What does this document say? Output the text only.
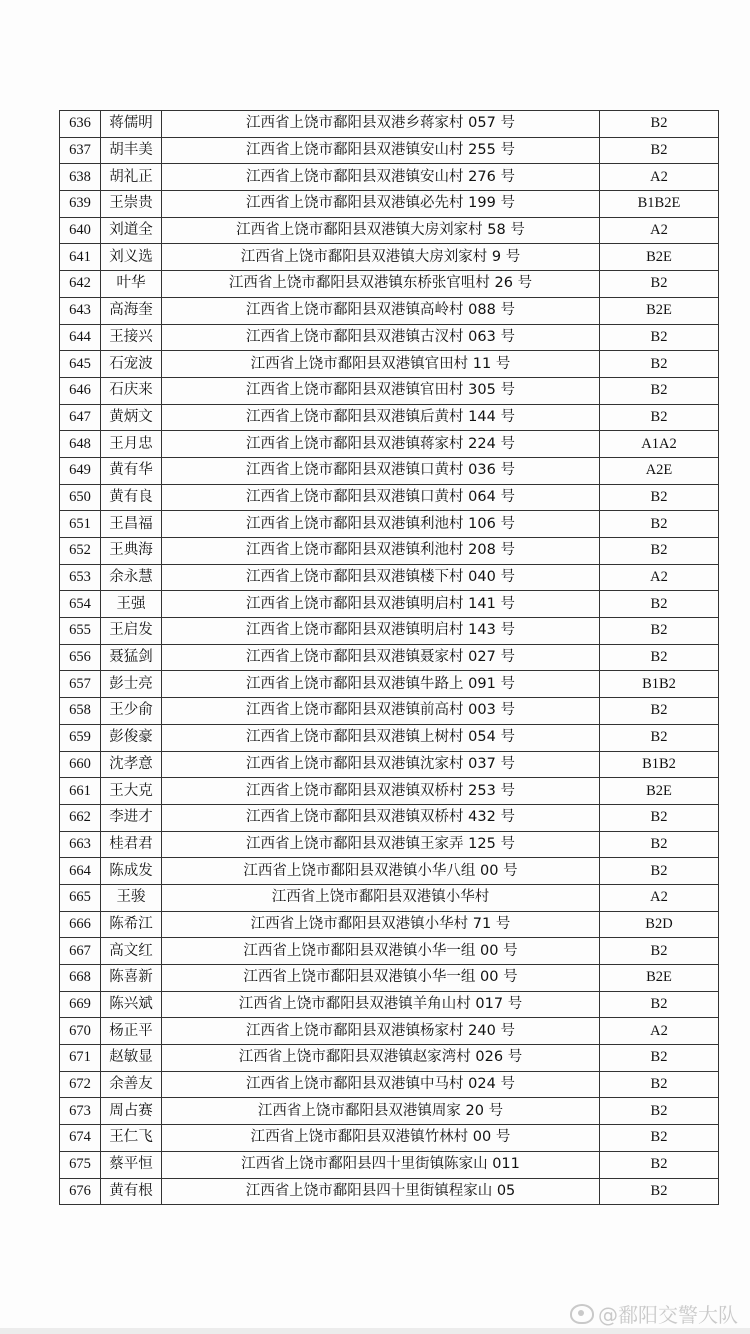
636	蒋儒明	江西省上饶市鄱阳县双港乡蒋家村 057 号	B2
637	胡丰美	江西省上饶市鄱阳县双港镇安山村 255 号	B2
638	胡礼正	江西省上饶市鄱阳县双港镇安山村 276 号	A2
639	王崇贵	江西省上饶市鄱阳县双港镇必先村 199 号	B1B2E
640	刘道全	江西省上饶市鄱阳县双港镇大房刘家村 58 号	A2
641	刘义选	江西省上饶市鄱阳县双港镇大房刘家村 9 号	B2E
642	叶华	江西省上饶市鄱阳县双港镇东桥张官咀村 26 号	B2
643	高海奎	江西省上饶市鄱阳县双港镇高岭村 088 号	B2E
644	王接兴	江西省上饶市鄱阳县双港镇古汊村 063 号	B2
645	石宠波	江西省上饶市鄱阳县双港镇官田村 11 号	B2
646	石庆来	江西省上饶市鄱阳县双港镇官田村 305 号	B2
647	黄炳文	江西省上饶市鄱阳县双港镇后黄村 144 号	B2
648	王月忠	江西省上饶市鄱阳县双港镇蒋家村 224 号	A1A2
649	黄有华	江西省上饶市鄱阳县双港镇口黄村 036 号	A2E
650	黄有良	江西省上饶市鄱阳县双港镇口黄村 064 号	B2
651	王昌福	江西省上饶市鄱阳县双港镇利池村 106 号	B2
652	王典海	江西省上饶市鄱阳县双港镇利池村 208 号	B2
653	余永慧	江西省上饶市鄱阳县双港镇楼下村 040 号	A2
654	王强	江西省上饶市鄱阳县双港镇明启村 141 号	B2
655	王启发	江西省上饶市鄱阳县双港镇明启村 143 号	B2
656	聂猛剑	江西省上饶市鄱阳县双港镇聂家村 027 号	B2
657	彭士亮	江西省上饶市鄱阳县双港镇牛路上 091 号	B1B2
658	王少俞	江西省上饶市鄱阳县双港镇前高村 003 号	B2
659	彭俊豪	江西省上饶市鄱阳县双港镇上树村 054 号	B2
660	沈孝意	江西省上饶市鄱阳县双港镇沈家村 037 号	B1B2
661	王大克	江西省上饶市鄱阳县双港镇双桥村 253 号	B2E
662	李进才	江西省上饶市鄱阳县双港镇双桥村 432 号	B2
663	桂君君	江西省上饶市鄱阳县双港镇王家弄 125 号	B2
664	陈成发	江西省上饶市鄱阳县双港镇小华八组 00 号	B2
665	王骏	江西省上饶市鄱阳县双港镇小华村	A2
666	陈希江	江西省上饶市鄱阳县双港镇小华村 71 号	B2D
667	高文红	江西省上饶市鄱阳县双港镇小华一组 00 号	B2
668	陈喜新	江西省上饶市鄱阳县双港镇小华一组 00 号	B2E
669	陈兴斌	江西省上饶市鄱阳县双港镇羊角山村 017 号	B2
670	杨正平	江西省上饶市鄱阳县双港镇杨家村 240 号	A2
671	赵敏显	江西省上饶市鄱阳县双港镇赵家湾村 026 号	B2
672	余善友	江西省上饶市鄱阳县双港镇中马村 024 号	B2
673	周占赛	江西省上饶市鄱阳县双港镇周家 20 号	B2
674	王仁飞	江西省上饶市鄱阳县双港镇竹林村 00 号	B2
675	蔡平恒	江西省上饶市鄱阳县四十里街镇陈家山 011	B2
676	黄有根	江西省上饶市鄱阳县四十里街镇程家山 05	B2
@鄱阳交警大队
